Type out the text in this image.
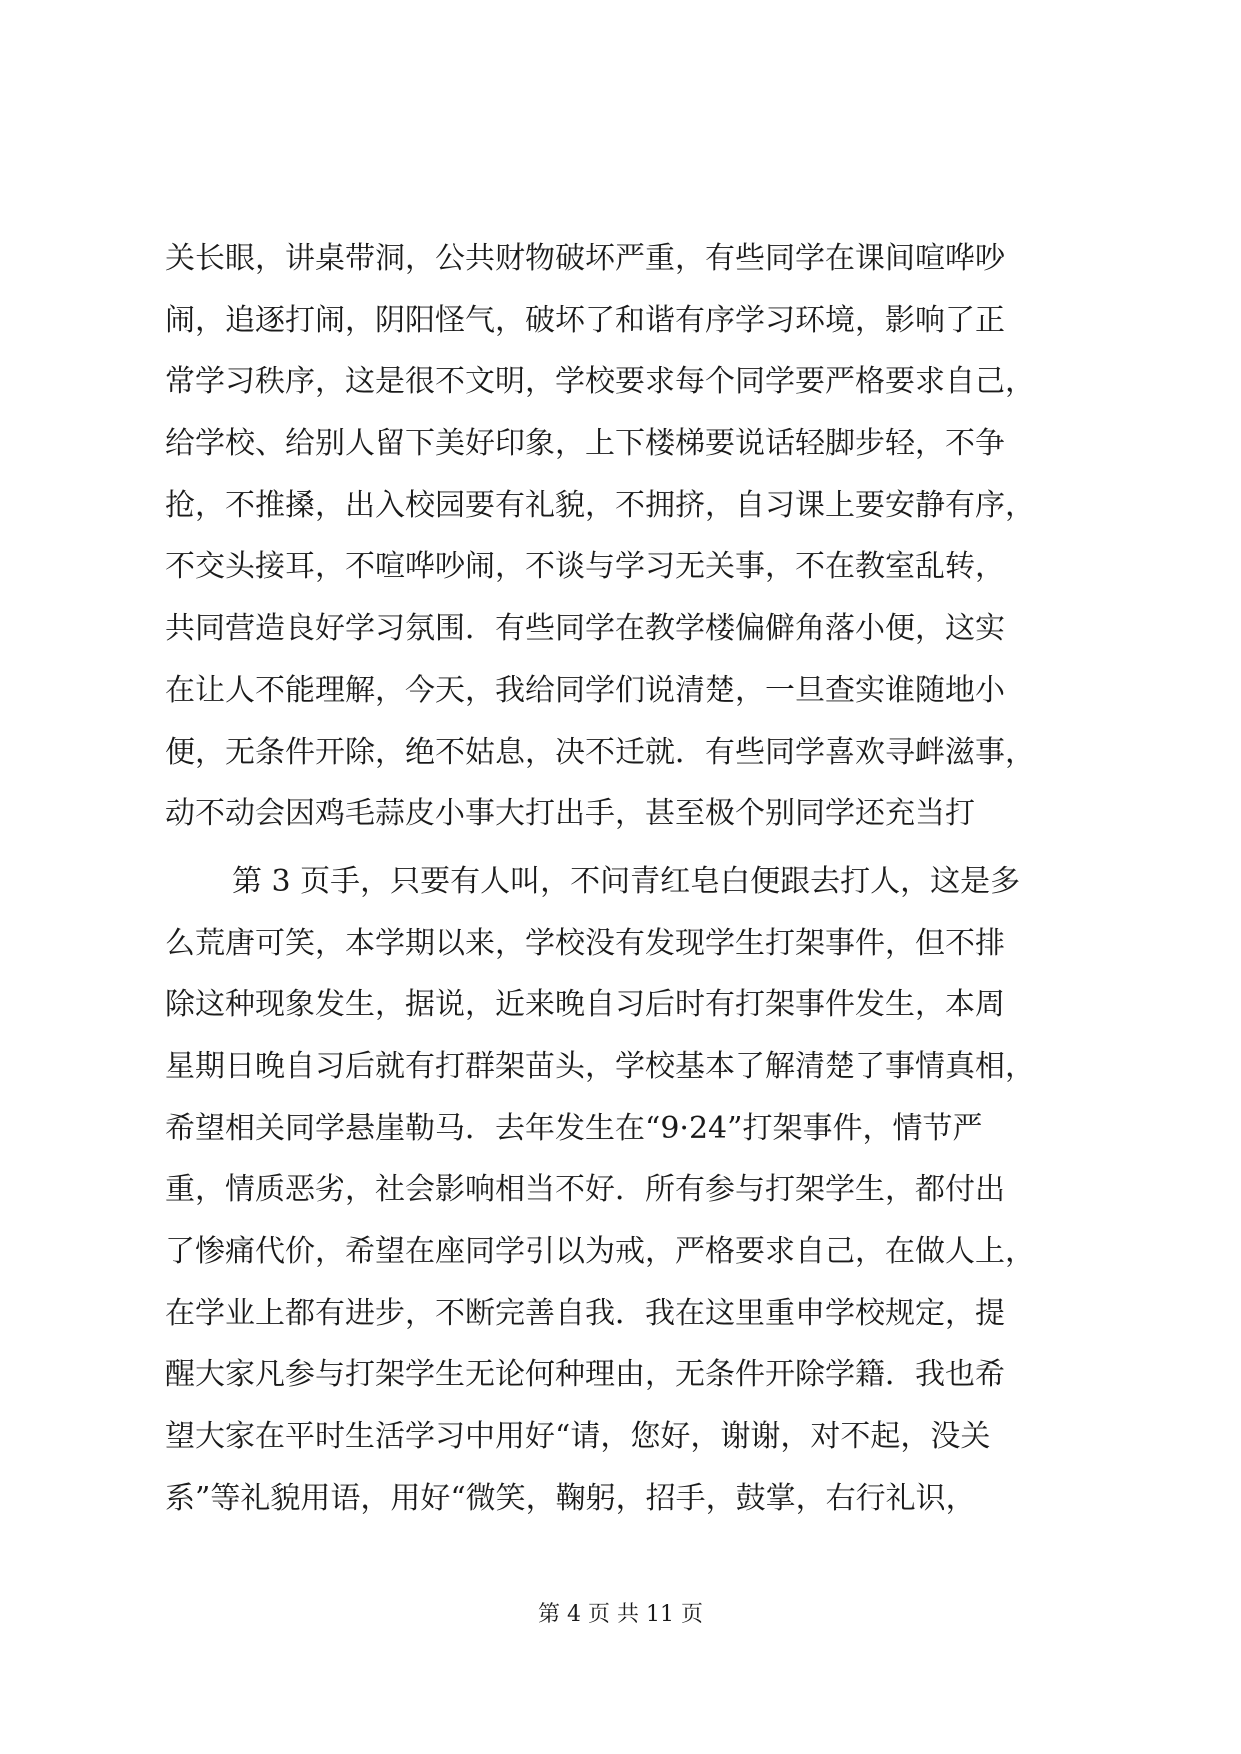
关长眼，讲桌带洞，公共财物破坏严重，有些同学在课间喧哗吵
闹，追逐打闹，阴阳怪气，破坏了和谐有序学习环境，影响了正
常学习秩序，这是很不文明，学校要求每个同学要严格要求自己，
给学校、给别人留下美好印象，上下楼梯要说话轻脚步轻，不争
抢，不推搡，出入校园要有礼貌，不拥挤，自习课上要安静有序，
不交头接耳，不喧哗吵闹，不谈与学习无关事，不在教室乱转，
共同营造良好学习氛围．有些同学在教学楼偏僻角落小便，这实
在让人不能理解，今天，我给同学们说清楚，一旦查实谁随地小
便，无条件开除，绝不姑息，决不迁就．有些同学喜欢寻衅滋事，
动不动会因鸡毛蒜皮小事大打出手，甚至极个别同学还充当打
第 3 页手，只要有人叫，不问青红皂白便跟去打人，这是多
么荒唐可笑，本学期以来，学校没有发现学生打架事件，但不排
除这种现象发生，据说，近来晚自习后时有打架事件发生，本周
星期日晚自习后就有打群架苗头，学校基本了解清楚了事情真相，
希望相关同学悬崖勒马．去年发生在“9·24”打架事件，情节严
重，情质恶劣，社会影响相当不好．所有参与打架学生，都付出
了惨痛代价，希望在座同学引以为戒，严格要求自己，在做人上，
在学业上都有进步，不断完善自我．我在这里重申学校规定，提
醒大家凡参与打架学生无论何种理由，无条件开除学籍．我也希
望大家在平时生活学习中用好“请，您好，谢谢，对不起，没关
系”等礼貌用语，用好“微笑，鞠躬，招手，鼓掌，右行礼识，
第 4 页 共 11 页
